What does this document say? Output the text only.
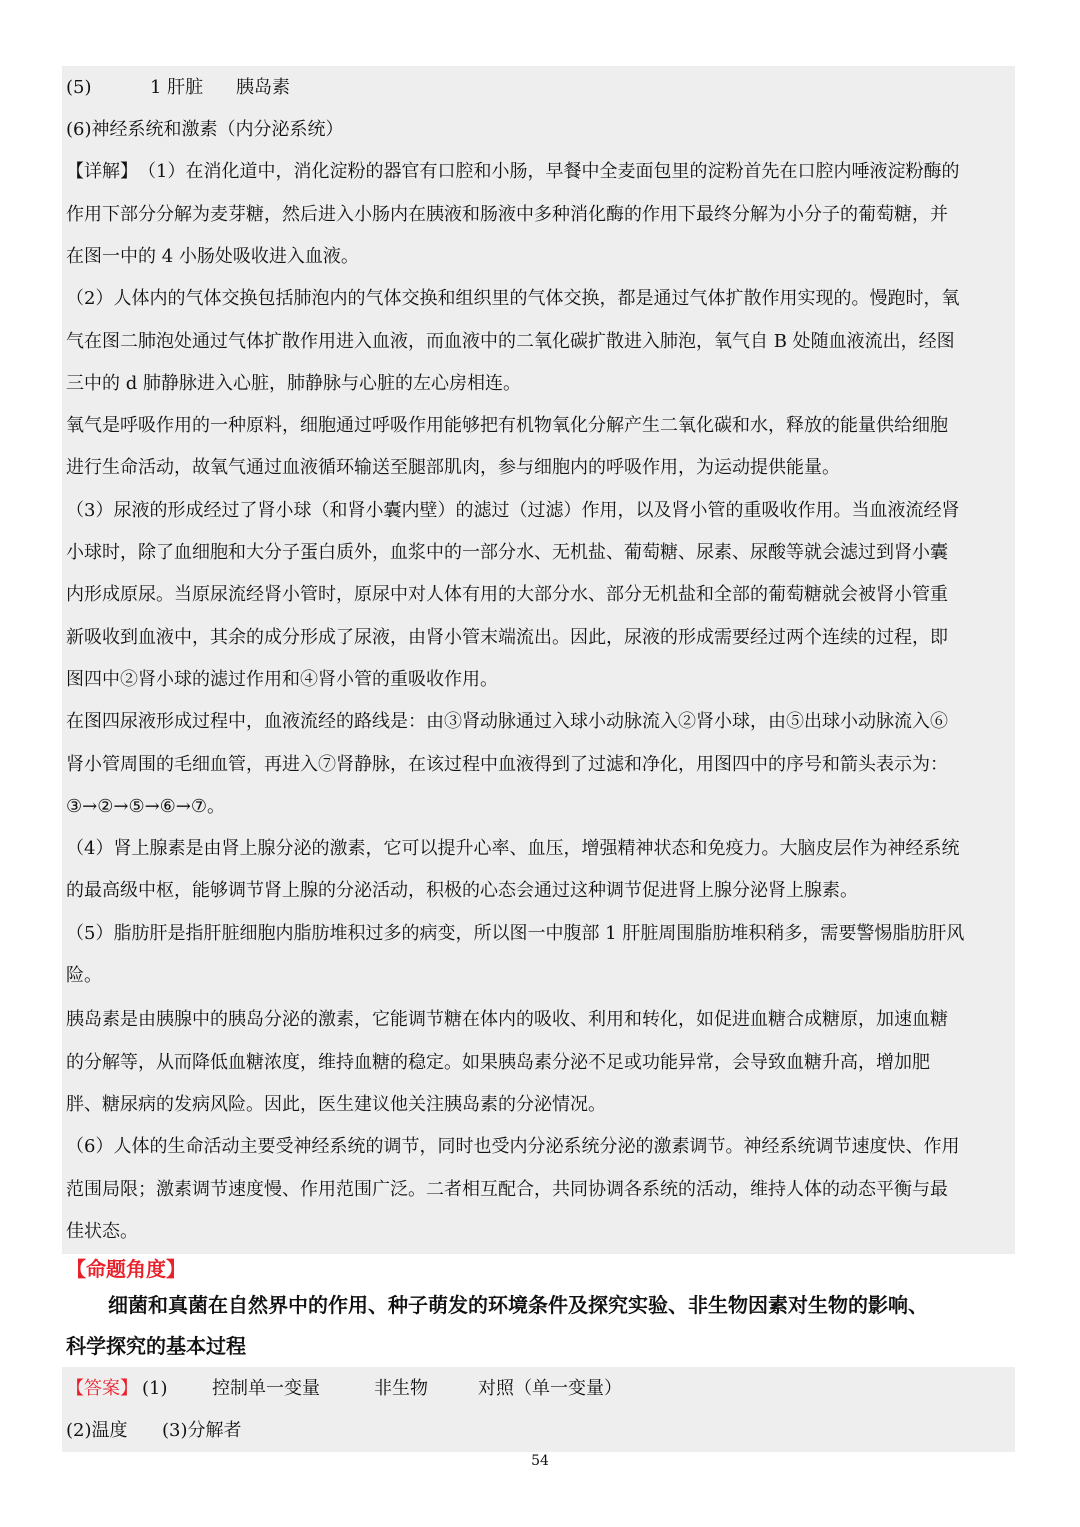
(5)	1 肝脏 胰岛素
(6)神经系统和激素（内分泌系统）
【详解】 （1）在消化道中，消化淀粉的器官有口腔和小肠，早餐中全麦面包里的淀粉首先在口腔内唾液淀粉酶的
作用下部分分解为麦芽糖，然后进入小肠内在胰液和肠液中多种消化酶的作用下最终分解为小分子的葡萄糖，并
在图一中的 4 小肠处吸收进入血液。
（2）人体内的气体交换包括肺泡内的气体交换和组织里的气体交换，都是通过气体扩散作用实现的。慢跑时，氧
气在图二肺泡处通过气体扩散作用进入血液，而血液中的二氧化碳扩散进入肺泡，氧气自 B 处随血液流出，经图
三中的 d 肺静脉进入心脏，肺静脉与心脏的左心房相连。
氧气是呼吸作用的一种原料，细胞通过呼吸作用能够把有机物氧化分解产生二氧化碳和水，释放的能量供给细胞
进行生命活动，故氧气通过血液循环输送至腿部肌肉，参与细胞内的呼吸作用，为运动提供能量。
（3）尿液的形成经过了肾小球（和肾小囊内壁）的滤过（过滤）作用，以及肾小管的重吸收作用。当血液流经肾
小球时，除了血细胞和大分子蛋白质外，血浆中的一部分水、无机盐、葡萄糖、尿素、尿酸等就会滤过到肾小囊
内形成原尿。当原尿流经肾小管时，原尿中对人体有用的大部分水、部分无机盐和全部的葡萄糖就会被肾小管重
新吸收到血液中，其余的成分形成了尿液，由肾小管末端流出。因此，尿液的形成需要经过两个连续的过程，即
图四中②肾小球的滤过作用和④肾小管的重吸收作用。
在图四尿液形成过程中，血液流经的路线是：由③肾动脉通过入球小动脉流入②肾小球，由⑤出球小动脉流入⑥
肾小管周围的毛细血管，再进入⑦肾静脉，在该过程中血液得到了过滤和净化，用图四中的序号和箭头表示为：
③→②→⑤→⑥→⑦。
（4）肾上腺素是由肾上腺分泌的激素，它可以提升心率、血压，增强精神状态和免疫力。大脑皮层作为神经系统
的最高级中枢，能够调节肾上腺的分泌活动，积极的心态会通过这种调节促进肾上腺分泌肾上腺素。
（5）脂肪肝是指肝脏细胞内脂肪堆积过多的病变，所以图一中腹部 1 肝脏周围脂肪堆积稍多，需要警惕脂肪肝风
险。
胰岛素是由胰腺中的胰岛分泌的激素，它能调节糖在体内的吸收、利用和转化，如促进血糖合成糖原，加速血糖
的分解等，从而降低血糖浓度，维持血糖的稳定。如果胰岛素分泌不足或功能异常，会导致血糖升高，增加肥
胖、糖尿病的发病风险。因此，医生建议他关注胰岛素的分泌情况。
（6）人体的生命活动主要受神经系统的调节，同时也受内分泌系统分泌的激素调节。神经系统调节速度快、作用
范围局限；激素调节速度慢、作用范围广泛。二者相互配合，共同协调各系统的活动，维持人体的动态平衡与最
佳状态。
【命题角度】
细菌和真菌在自然界中的作用、种子萌发的环境条件及探究实验、非生物因素对生物的影响、
科学探究的基本过程
【答案】 (1) 控制单一变量	非生物	对照（单一变量）
(2)温度 (3)分解者
54
